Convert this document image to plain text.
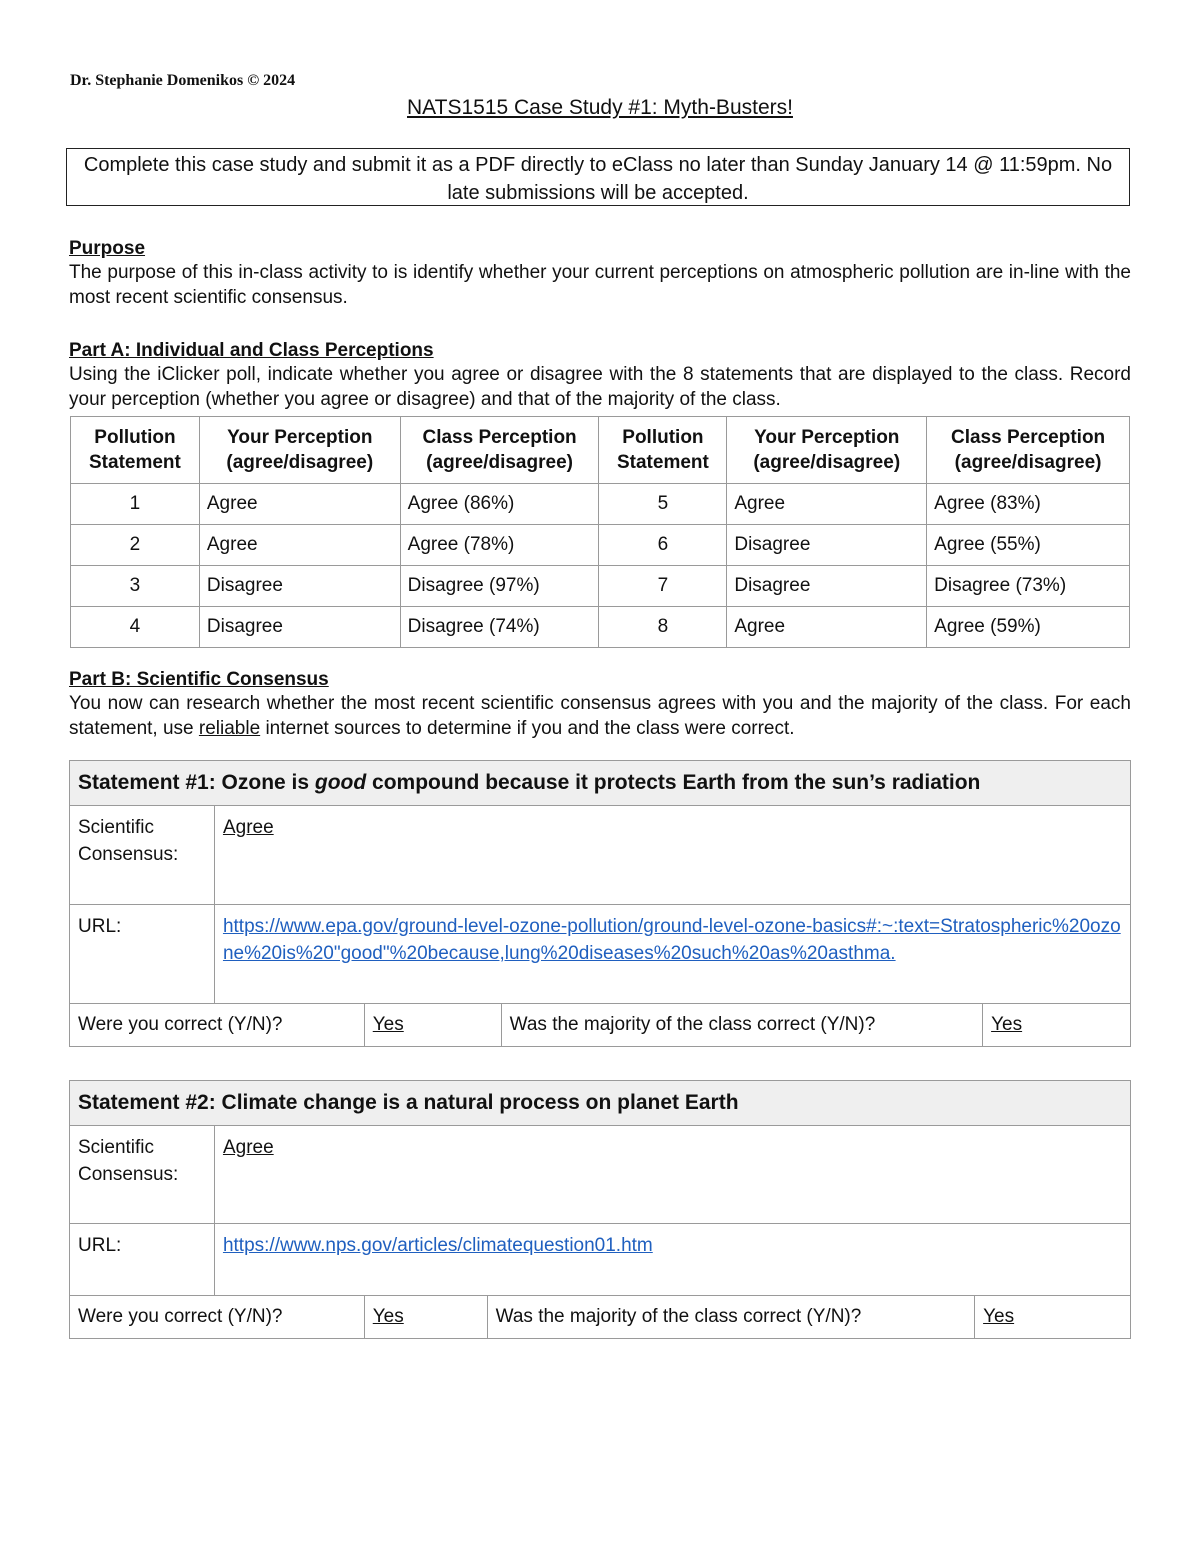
Dr. Stephanie Domenikos © 2024
NATS1515 Case Study #1: Myth-Busters!
Complete this case study and submit it as a PDF directly to eClass no later than Sunday January 14 @ 11:59pm. No late submissions will be accepted.
Purpose
The purpose of this in-class activity to is identify whether your current perceptions on atmospheric pollution are in-line with the most recent scientific consensus.
Part A: Individual and Class Perceptions
Using the iClicker poll, indicate whether you agree or disagree with the 8 statements that are displayed to the class. Record your perception (whether you agree or disagree) and that of the majority of the class.
Pollution Statement	Your Perception (agree/disagree)	Class Perception (agree/disagree)	Pollution Statement	Your Perception (agree/disagree)	Class Perception (agree/disagree)
1	Agree	Agree (86%)	5	Agree	Agree (83%)
2	Agree	Agree (78%)	6	Disagree	Agree (55%)
3	Disagree	Disagree (97%)	7	Disagree	Disagree (73%)
4	Disagree	Disagree (74%)	8	Agree	Agree (59%)
Part B: Scientific Consensus
You now can research whether the most recent scientific consensus agrees with you and the majority of the class. For each statement, use reliable internet sources to determine if you and the class were correct.
Statement #1: Ozone is good compound because it protects Earth from the sun’s radiation				
Scientific Consensus:	Agree			
URL:	https://www.epa.gov/ground-level-ozone-pollution/ground-level-ozone-basics#:~:text=Stratospheric%20ozone%20is%20"good"%20because,lung%20diseases%20such%20as%20asthma.			
Were you correct (Y/N)?		Yes	Was the majority of the class correct (Y/N)?	Yes
Statement #2: Climate change is a natural process on planet Earth				
Scientific Consensus:	Agree			
URL:	https://www.nps.gov/articles/climatequestion01.htm			
Were you correct (Y/N)?		Yes	Was the majority of the class correct (Y/N)?	Yes
